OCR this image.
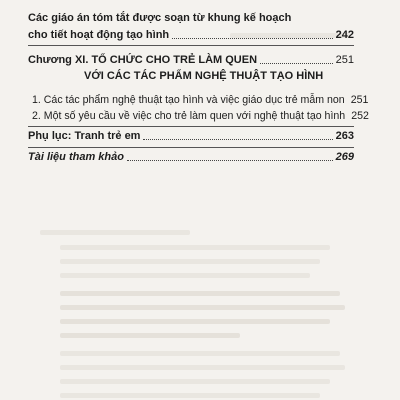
Các giáo án tóm tắt được soạn từ khung kế hoạch
cho tiết hoạt động tạo hình	242
Chương XI. TỔ CHỨC CHO TRẺ LÀM QUEN	251
VỚI CÁC TÁC PHẨM NGHỆ THUẬT TẠO HÌNH
1. Các tác phẩm nghệ thuật tạo hình và việc giáo dục trẻ mẫm non 251
2. Một số yêu cầu về việc cho trẻ làm quen với nghệ thuật tạo hình 252
Phụ lục: Tranh trẻ em	263
Tài liệu tham khảo	269
